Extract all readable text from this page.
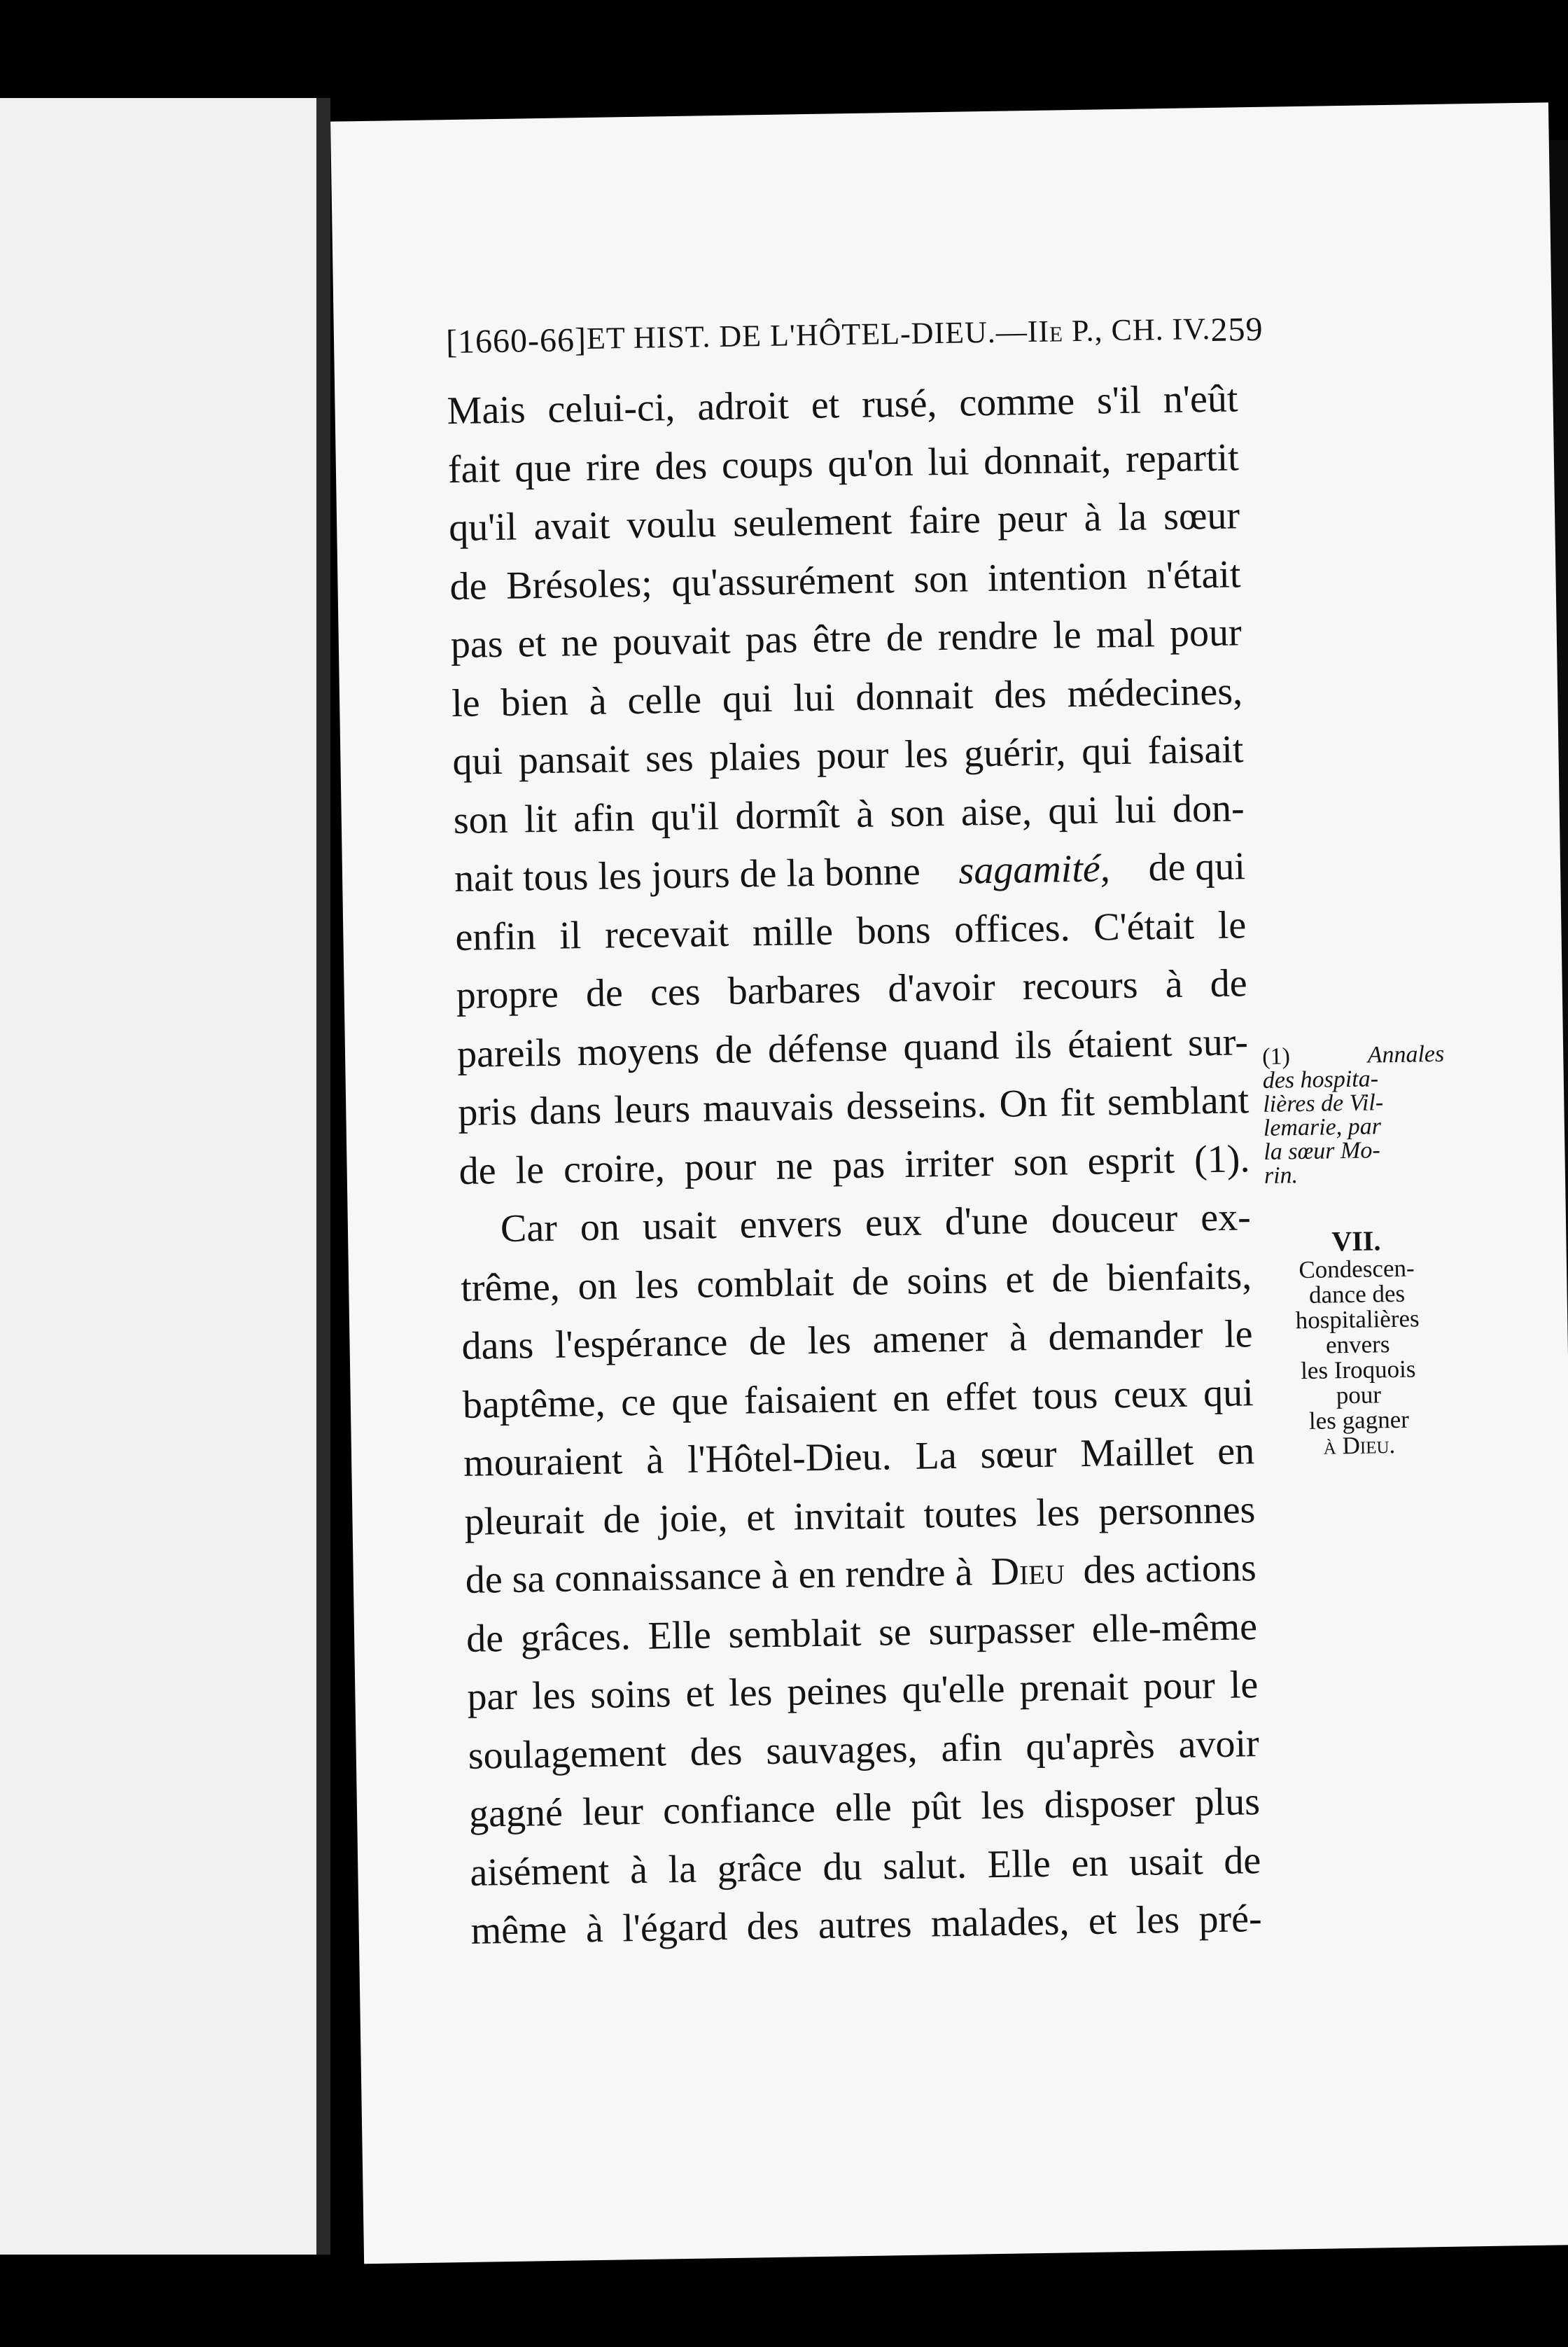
[1660-66] ET HIST. DE L'HÔTEL-DIEU.—IIe P., CH. IV. 259
Mais celui-ci, adroit et rusé, comme s'il n'eût
fait que rire des coups qu'on lui donnait, repartit
qu'il avait voulu seulement faire peur à la sœur
de Brésoles; qu'assurément son intention n'était
pas et ne pouvait pas être de rendre le mal pour
le bien à celle qui lui donnait des médecines,
qui pansait ses plaies pour les guérir, qui faisait
son lit afin qu'il dormît à son aise, qui lui don-
nait tous les jours de la bonne sagamité, de qui
enfin il recevait mille bons offices. C'était le
propre de ces barbares d'avoir recours à de
pareils moyens de défense quand ils étaient sur-
pris dans leurs mauvais desseins. On fit semblant
de le croire, pour ne pas irriter son esprit (1).
Car on usait envers eux d'une douceur ex-
trême, on les comblait de soins et de bienfaits,
dans l'espérance de les amener à demander le
baptême, ce que faisaient en effet tous ceux qui
mouraient à l'Hôtel-Dieu. La sœur Maillet en
pleurait de joie, et invitait toutes les personnes
de sa connaissance à en rendre à Dieu des actions
de grâces. Elle semblait se surpasser elle-même
par les soins et les peines qu'elle prenait pour le
soulagement des sauvages, afin qu'après avoir
gagné leur confiance elle pût les disposer plus
aisément à la grâce du salut. Elle en usait de
même à l'égard des autres malades, et les pré-
(1)	Annales
des hospita-
lières de Vil-
lemarie, par
la sœur Mo-
rin.
VII.
Condescen-
dance des
hospitalières
envers
les Iroquois
pour
les gagner
à Dieu.
